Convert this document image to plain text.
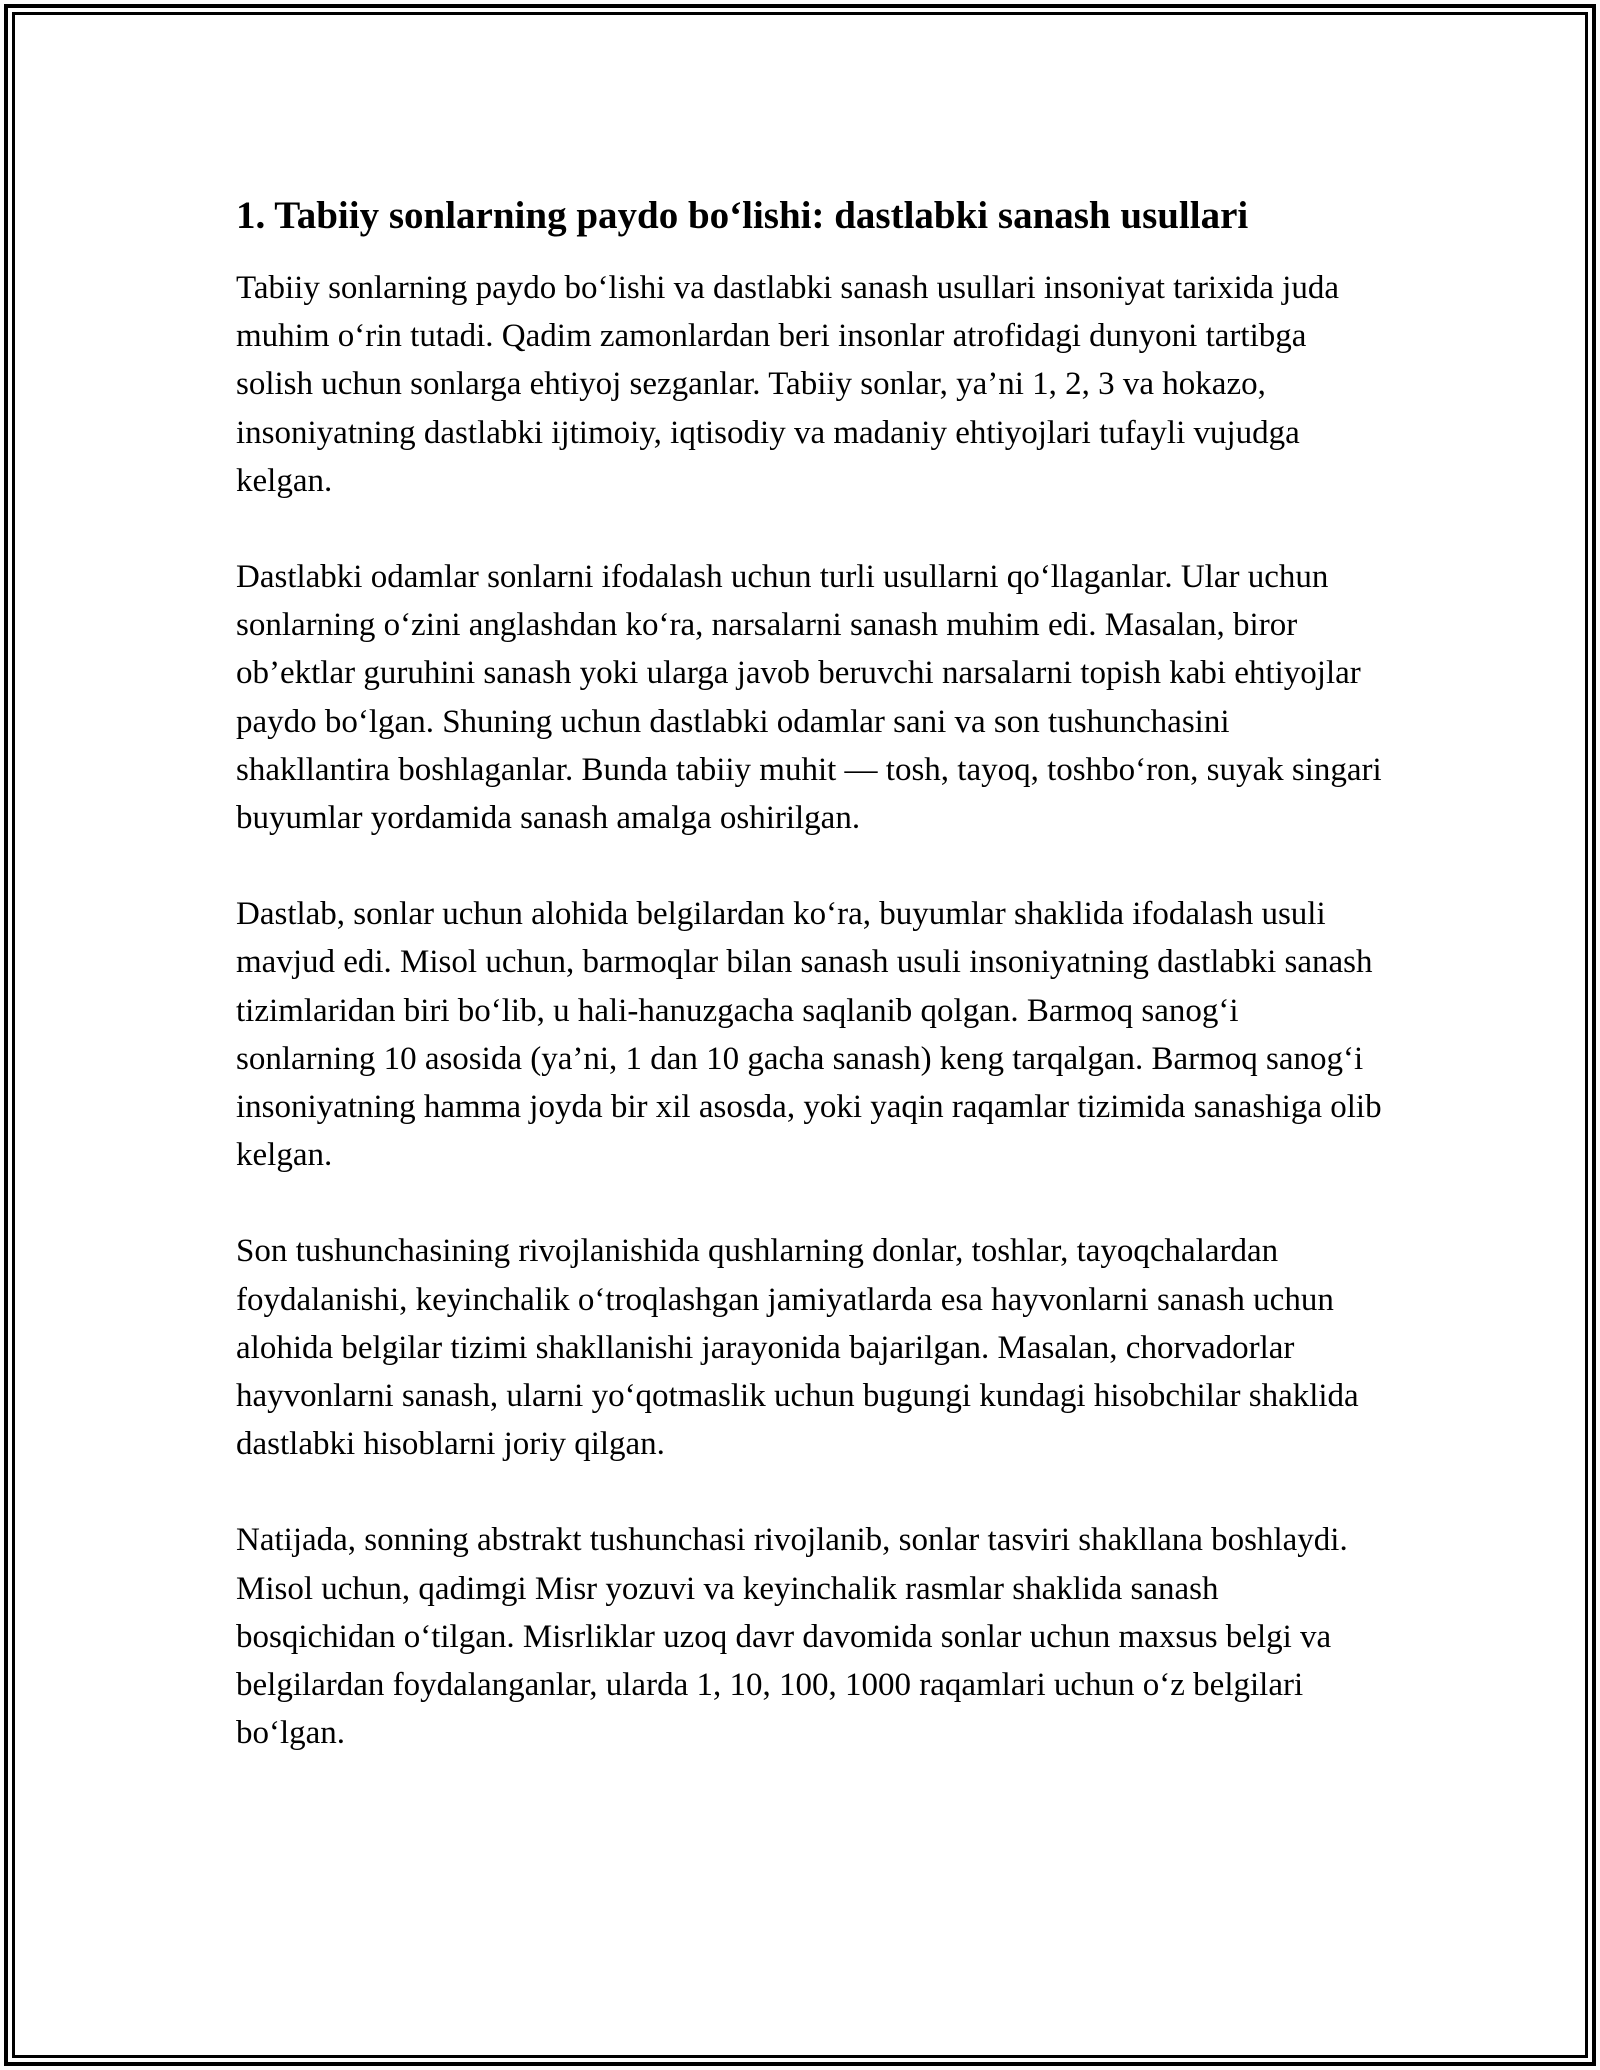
1. Tabiiy sonlarning paydo bo‘lishi: dastlabki sanash usullari

Tabiiy sonlarning paydo bo‘lishi va dastlabki sanash usullari insoniyat tarixida juda muhim o‘rin tutadi. Qadim zamonlardan beri insonlar atrofidagi dunyoni tartibga solish uchun sonlarga ehtiyoj sezganlar. Tabiiy sonlar, ya’ni 1, 2, 3 va hokazo, insoniyatning dastlabki ijtimoiy, iqtisodiy va madaniy ehtiyojlari tufayli vujudga kelgan.

Dastlabki odamlar sonlarni ifodalash uchun turli usullarni qo‘llaganlar. Ular uchun sonlarning o‘zini anglashdan ko‘ra, narsalarni sanash muhim edi. Masalan, biror ob’ektlar guruhini sanash yoki ularga javob beruvchi narsalarni topish kabi ehtiyojlar paydo bo‘lgan. Shuning uchun dastlabki odamlar sani va son tushunchasini shakllantira boshlaganlar. Bunda tabiiy muhit — tosh, tayoq, toshbo‘ron, suyak singari buyumlar yordamida sanash amalga oshirilgan.

Dastlab, sonlar uchun alohida belgilardan ko‘ra, buyumlar shaklida ifodalash usuli mavjud edi. Misol uchun, barmoqlar bilan sanash usuli insoniyatning dastlabki sanash tizimlaridan biri bo‘lib, u hali-hanuzgacha saqlanib qolgan. Barmoq sanog‘i sonlarning 10 asosida (ya’ni, 1 dan 10 gacha sanash) keng tarqalgan. Barmoq sanog‘i insoniyatning hamma joyda bir xil asosda, yoki yaqin raqamlar tizimida sanashiga olib kelgan.

Son tushunchasining rivojlanishida qushlarning donlar, toshlar, tayoqchalardan foydalanishi, keyinchalik o‘troqlashgan jamiyatlarda esa hayvonlarni sanash uchun alohida belgilar tizimi shakllanishi jarayonida bajarilgan. Masalan, chorvadorlar hayvonlarni sanash, ularni yo‘qotmaslik uchun bugungi kundagi hisobchilar shaklida dastlabki hisoblarni joriy qilgan.

Natijada, sonning abstrakt tushunchasi rivojlanib, sonlar tasviri shakllana boshlaydi. Misol uchun, qadimgi Misr yozuvi va keyinchalik rasmlar shaklida sanash bosqichidan o‘tilgan. Misrliklar uzoq davr davomida sonlar uchun maxsus belgi va belgilardan foydalanganlar, ularda 1, 10, 100, 1000 raqamlari uchun o‘z belgilari bo‘lgan.
